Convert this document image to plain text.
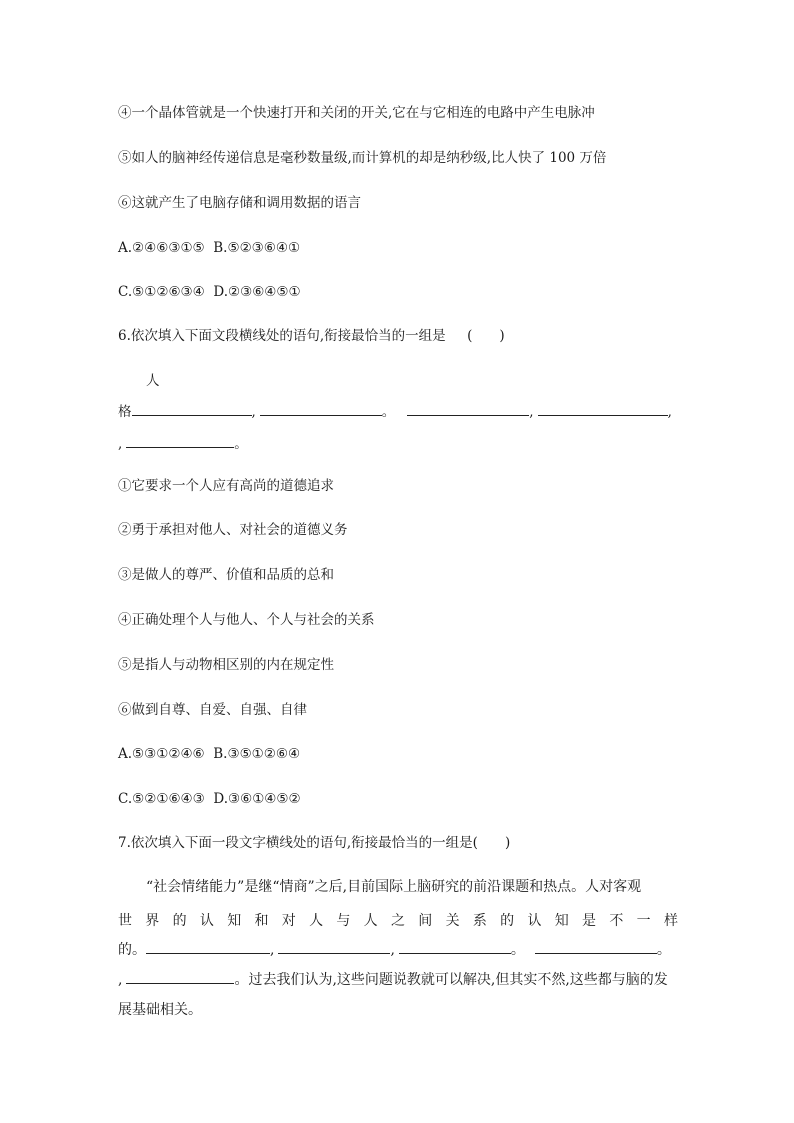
④一个晶体管就是一个快速打开和关闭的开关,它在与它相连的电路中产生电脉冲
⑤如人的脑神经传递信息是毫秒数量级,而计算机的却是纳秒级,比人快了 100 万倍
⑥这就产生了电脑存储和调用数据的语言
A.②④⑥③①⑤ B.⑤②③⑥④①
C.⑤①②⑥③④ D.②③⑥④⑤①
6.依次填入下面文段横线处的语句,衔接最恰当的一组是 (　　)
人
格	,	。	,	,
,	。
①它要求一个人应有高尚的道德追求
②勇于承担对他人、对社会的道德义务
③是做人的尊严、价值和品质的总和
④正确处理个人与他人、个人与社会的关系
⑤是指人与动物相区别的内在规定性
⑥做到自尊、自爱、自强、自律
A.⑤③①②④⑥ B.③⑤①②⑥④
C.⑤②①⑥④③ D.③⑥①④⑤②
7.依次填入下面一段文字横线处的语句,衔接最恰当的一组是(　　)
“社会情绪能力”是继“情商”之后,目前国际上脑研究的前沿课题和热点。人对客观
世 界 的 认 知 和 对 人 与 人 之 间 关 系 的 认 知 是 不 一 样
的。	,	,	。	。
,	。过去我们认为,这些问题说教就可以解决,但其实不然,这些都与脑的发
展基础相关。
